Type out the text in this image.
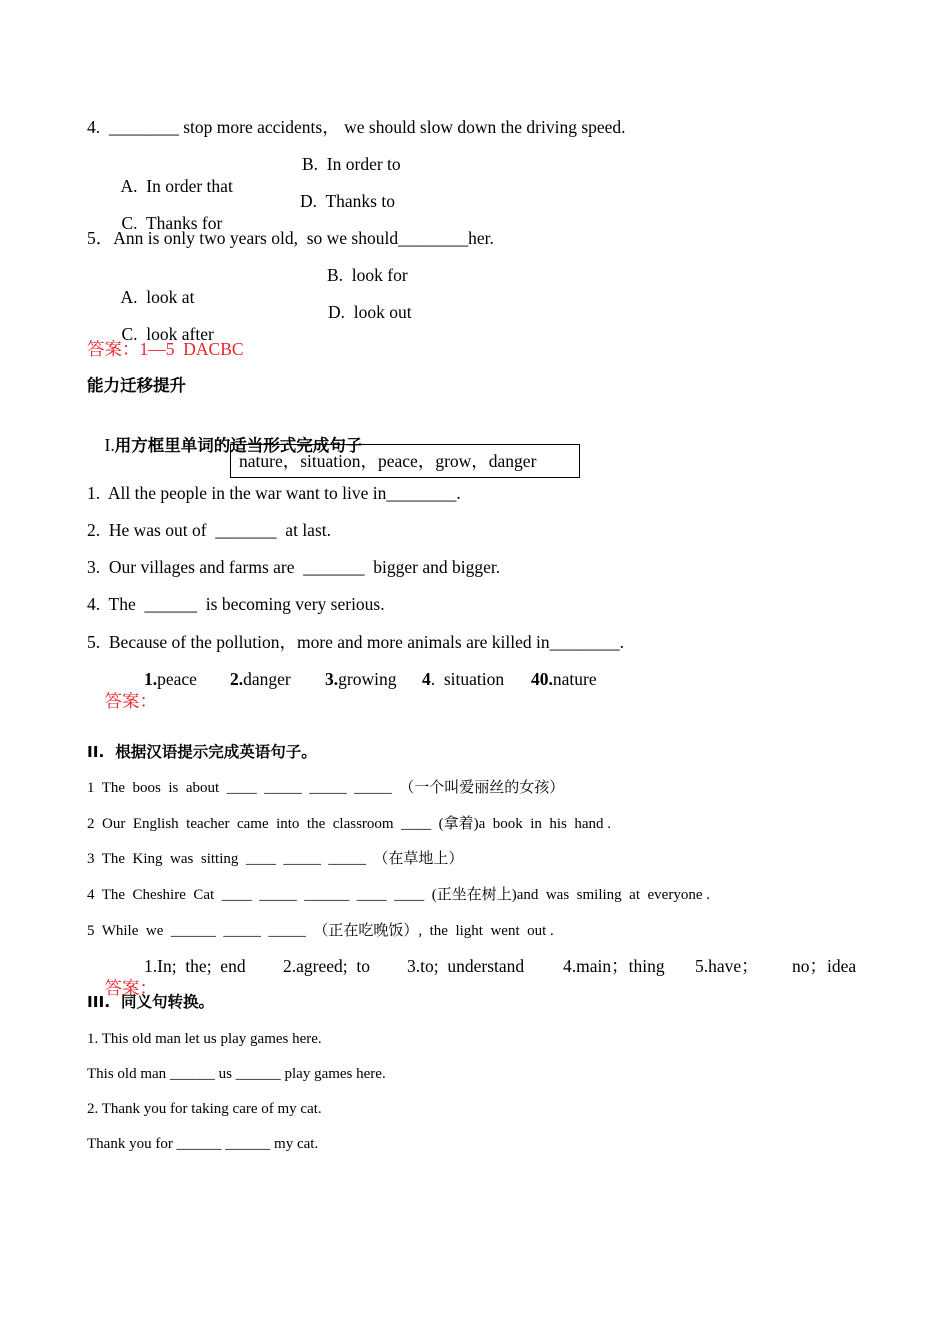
4.  ________ stop more accidents， we should slow down the driving speed.

A.  In order that

B.  In order to

C.  Thanks for

D.  Thanks to

5．Ann is only two years old,  so we should________her.

A.  look at

B.  look for

C.  look after

D.  look out

答案：1—5  DACBC
能力迁移提升

I.用方框里单词的适当形式完成句子

nature，situation，peace，grow，danger
1.  All the people in the war want to live in________.
2.  He was out of  _______  at last.
3.  Our villages and farms are  _______  bigger and bigger.
4.  The  ______  is becoming very serious.
5.  Because of the pollution，more and more animals are killed in________.

答案：

1.peace 2.danger 3.growing 4.  situation 40.nature
II.  根据汉语提示完成英语句子。
1  The  boos  is  about  ____  _____  _____  _____  （一个叫爱丽丝的女孩）
2  Our  English  teacher  came  into  the  classroom  ____  (拿着)a  book  in  his  hand .
3  The  King  was  sitting  ____  _____  _____  （在草地上）
4  The  Cheshire  Cat  ____  _____  ______  ____  ____  (正坐在树上)and  was  smiling  at  everyone .
5  While  we  ______  _____  _____  （正在吃晚饭）,  the  light  went  out .

答案：

1.In;  the;  end 2.agreed;  to 3.to;  understand 4.main；thing 5.have； no；idea
III.  同义句转换。
1. This old man let us play games here.
This old man ______ us ______ play games here.
2. Thank you for taking care of my cat.
Thank you for ______ ______ my cat.
